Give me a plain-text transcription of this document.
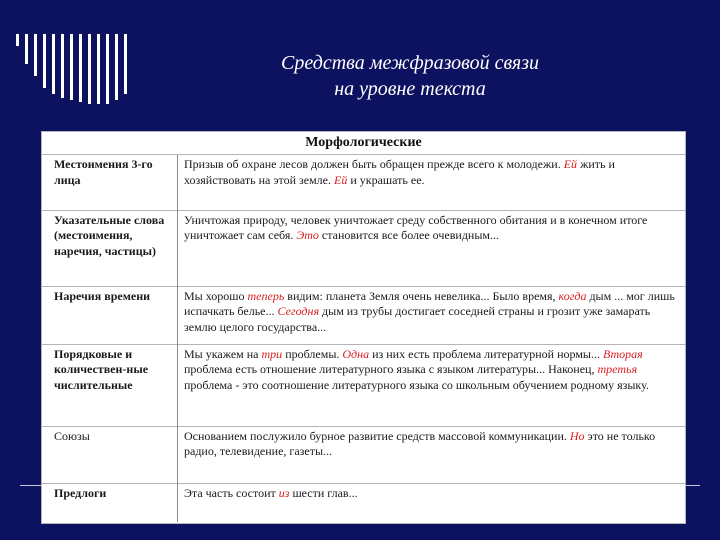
Средства межфразовой связи
на уровне текста
Морфологические
Местоимения 3-го лица	Призыв об охране лесов должен быть обращен прежде всего к молодежи. Ей жить и хозяйствовать на этой земле. Ей и украшать ее.
Указательные слова (местоимения, наречия, частицы)	Уничтожая природу, человек уничтожает среду собственного обитания и в конечном итоге уничтожает сам себя. Это становится все более очевидным...
Наречия времени	Мы хорошо теперь видим: планета Земля очень невелика... Было время, когда дым ... мог лишь испачкать белье... Сегодня дым из трубы достигает соседней страны и грозит уже замарать землю целого государства...
Порядковые и количествен-ные числительные	Мы укажем на три проблемы. Одна из них есть проблема литературной нормы... Вторая проблема есть отношение литературного языка с языком литературы... Наконец, третья проблема - это соотношение литературного языка со школьным обучением родному языку.
Союзы	Основанием послужило бурное развитие средств массовой коммуникации. Но это не только радио, телевидение, газеты...
Предлоги	Эта часть состоит из шести глав...
